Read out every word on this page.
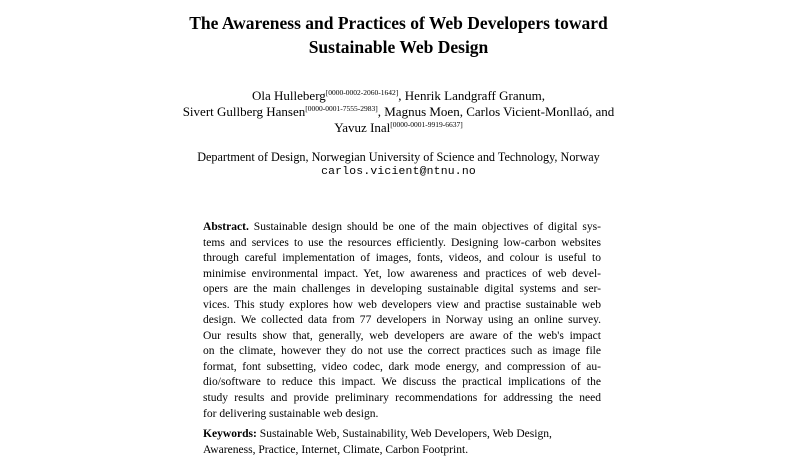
The Awareness and Practices of Web Developers toward
Sustainable Web Design
Ola Hulleberg[0000-0002-2060-1642], Henrik Landgraff Granum,
Sivert Gullberg Hansen[0000-0001-7555-2983], Magnus Moen, Carlos Vicient-Monllaó, and
Yavuz Inal[0000-0001-9919-6637]
Department of Design, Norwegian University of Science and Technology, Norway
carlos.vicient@ntnu.no
Abstract. Sustainable design should be one of the main objectives of digital sys-
tems and services to use the resources efficiently. Designing low-carbon websites
through careful implementation of images, fonts, videos, and colour is useful to
minimise environmental impact. Yet, low awareness and practices of web devel-
opers are the main challenges in developing sustainable digital systems and ser-
vices. This study explores how web developers view and practise sustainable web
design. We collected data from 77 developers in Norway using an online survey.
Our results show that, generally, web developers are aware of the web's impact
on the climate, however they do not use the correct practices such as image file
format, font subsetting, video codec, dark mode energy, and compression of au-
dio/software to reduce this impact. We discuss the practical implications of the
study results and provide preliminary recommendations for addressing the need
for delivering sustainable web design.
Keywords: Sustainable Web, Sustainability, Web Developers, Web Design,
Awareness, Practice, Internet, Climate, Carbon Footprint.
